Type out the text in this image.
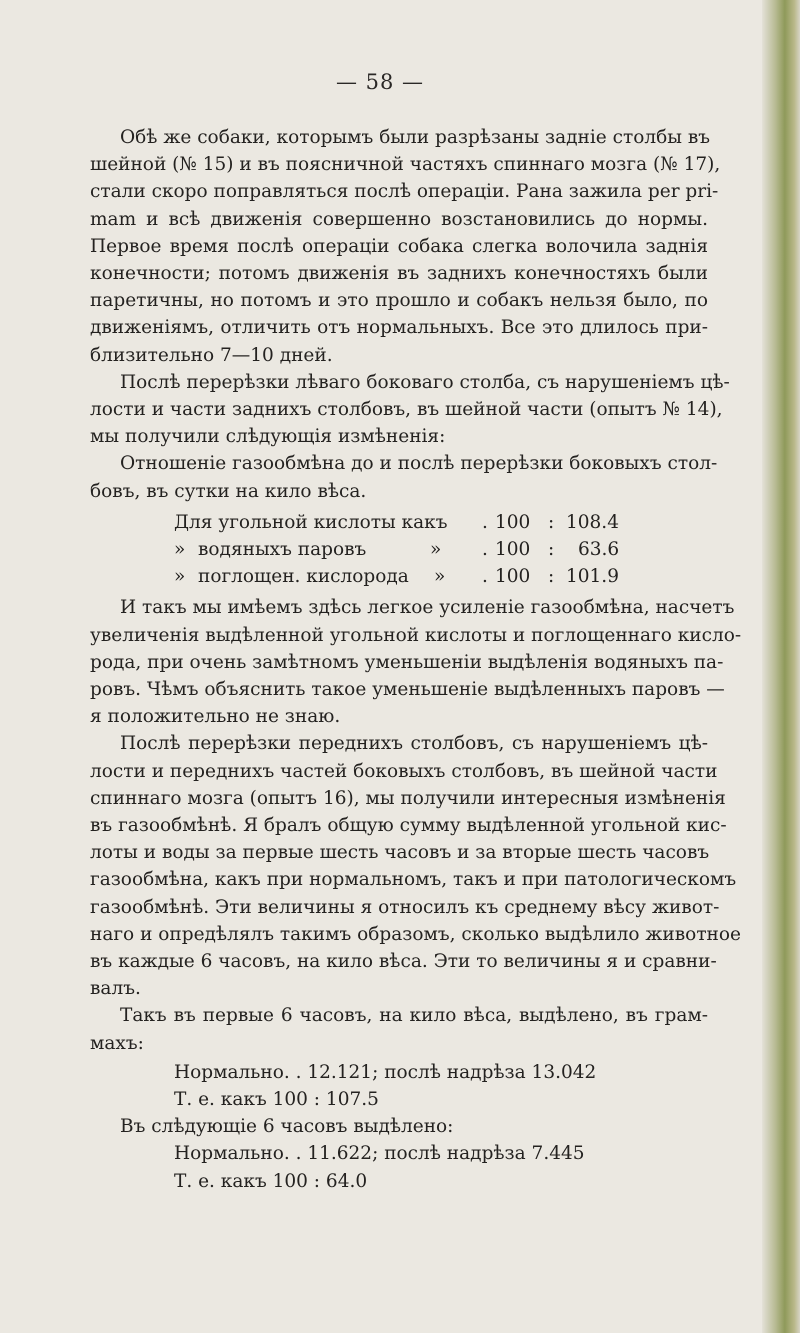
— 58 —
Обѣ же собаки, которымъ были разрѣзаны задніе столбы въ
шейной (№ 15) и въ поясничной частяхъ спиннаго мозга (№ 17),
стали скоро поправляться послѣ операціи. Рана зажила per pri-
mam и всѣ движенія совершенно возстановились до нормы.
Первое время послѣ операціи собака слегка волочила заднія
конечности; потомъ движенія въ заднихъ конечностяхъ были
паретичны, но потомъ и это прошло и собакъ нельзя было, по
движеніямъ, отличить отъ нормальныхъ. Все это длилось при-
близительно 7—10 дней.
Послѣ перерѣзки лѣваго боковаго столба, съ нарушеніемъ цѣ-
лости и части заднихъ столбовъ, въ шейной части (опытъ № 14),
мы получили слѣдующія измѣненія:
Отношеніе газообмѣна до и послѣ перерѣзки боковыхъ стол-
бовъ, въ сутки на кило вѣса.
Для угольной кислоты какъ . 100 : 108.4
» водяныхъ паровъ	» . 100 : 63.6
» поглощен. кислорода » . 100 : 101.9
И такъ мы имѣемъ здѣсь легкое усиленіе газообмѣна, насчетъ
увеличенія выдѣленной угольной кислоты и поглощеннаго кисло-
рода, при очень замѣтномъ уменьшеніи выдѣленія водяныхъ па-
ровъ. Чѣмъ объяснить такое уменьшеніе выдѣленныхъ паровъ —
я положительно не знаю.
Послѣ перерѣзки переднихъ столбовъ, съ нарушеніемъ цѣ-
лости и переднихъ частей боковыхъ столбовъ, въ шейной части
спиннаго мозга (опытъ 16), мы получили интересныя измѣненія
въ газообмѣнѣ. Я бралъ общую сумму выдѣленной угольной кис-
лоты и воды за первые шесть часовъ и за вторые шесть часовъ
газообмѣна, какъ при нормальномъ, такъ и при патологическомъ
газообмѣнѣ. Эти величины я относилъ къ среднему вѣсу живот-
наго и опредѣлялъ такимъ образомъ, сколько выдѣлило животное
въ каждые 6 часовъ, на кило вѣса. Эти то величины я и сравни-
валъ.
Такъ въ первые 6 часовъ, на кило вѣса, выдѣлено, въ грам-
махъ:
Нормально. . 12.121; послѣ надрѣза 13.042
Т. е. какъ 100 : 107.5
Въ слѣдующіе 6 часовъ выдѣлено:
Нормально. . 11.622; послѣ надрѣза 7.445
Т. е. какъ 100 : 64.0
